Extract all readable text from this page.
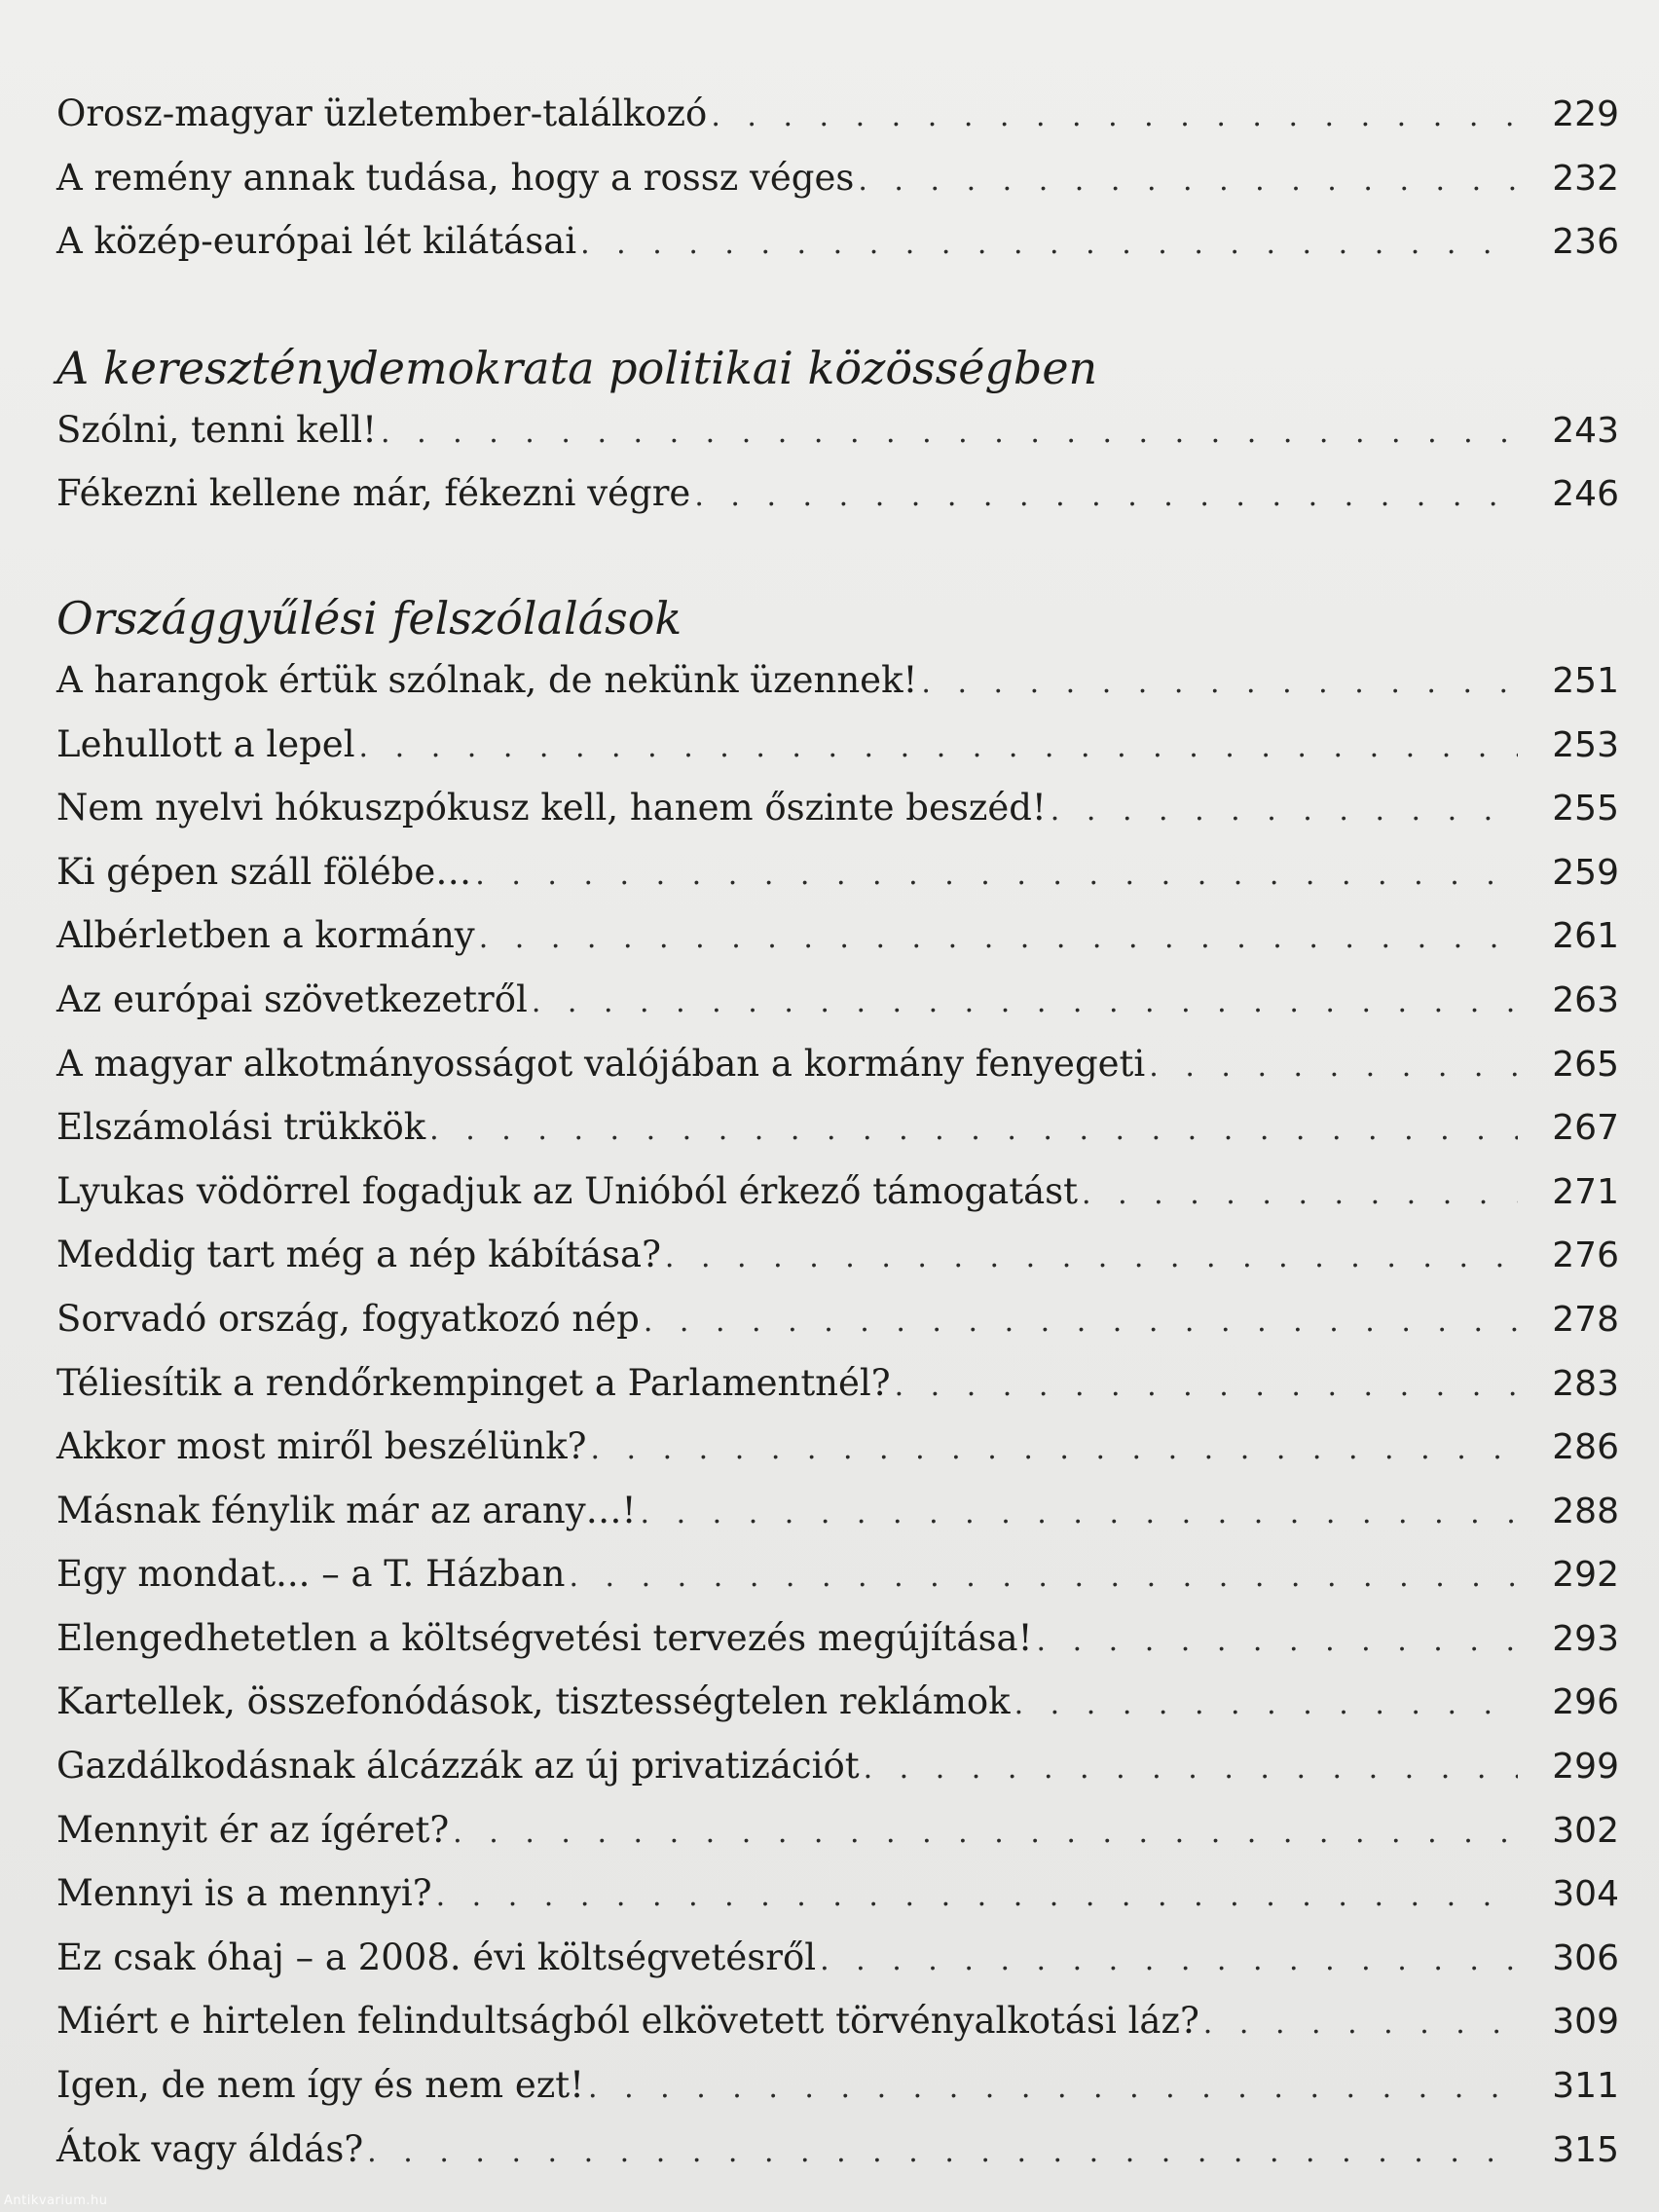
Orosz-magyar üzletember-találkozó . . .	229
A remény annak tudása, hogy a rossz véges . . .	232
A közép-európai lét kilátásai . . .	236
A kereszténydemokrata politikai közösségben
Szólni, tenni kell! . . .	243
Fékezni kellene már, fékezni végre . . .	246
Országgyűlési felszólalások
A harangok értük szólnak, de nekünk üzennek! . . .	251
Lehullott a lepel . . .	253
Nem nyelvi hókuszpókusz kell, hanem őszinte beszéd! . . .	255
Ki gépen száll fölébe… . . .	259
Albérletben a kormány . . .	261
Az európai szövetkezetről . . .	263
A magyar alkotmányosságot valójában a kormány fenyegeti . . .	265
Elszámolási trükkök . . .	267
Lyukas vödörrel fogadjuk az Unióból érkező támogatást . . .	271
Meddig tart még a nép kábítása? . . .	276
Sorvadó ország, fogyatkozó nép . . .	278
Téliesítik a rendőrkempinget a Parlamentnél? . . .	283
Akkor most miről beszélünk? . . .	286
Másnak fénylik már az arany…! . . .	288
Egy mondat... – a T. Házban . . .	292
Elengedhetetlen a költségvetési tervezés megújítása! . . .	293
Kartellek, összefonódások, tisztességtelen reklámok . . .	296
Gazdálkodásnak álcázzák az új privatizációt . . .	299
Mennyit ér az ígéret? . . .	302
Mennyi is a mennyi? . . .	304
Ez csak óhaj – a 2008. évi költségvetésről . . .	306
Miért e hirtelen felindultságból elkövetett törvényalkotási láz? . . .	309
Igen, de nem így és nem ezt! . . .	311
Átok vagy áldás? . . .	315
Antikvarium.hu
